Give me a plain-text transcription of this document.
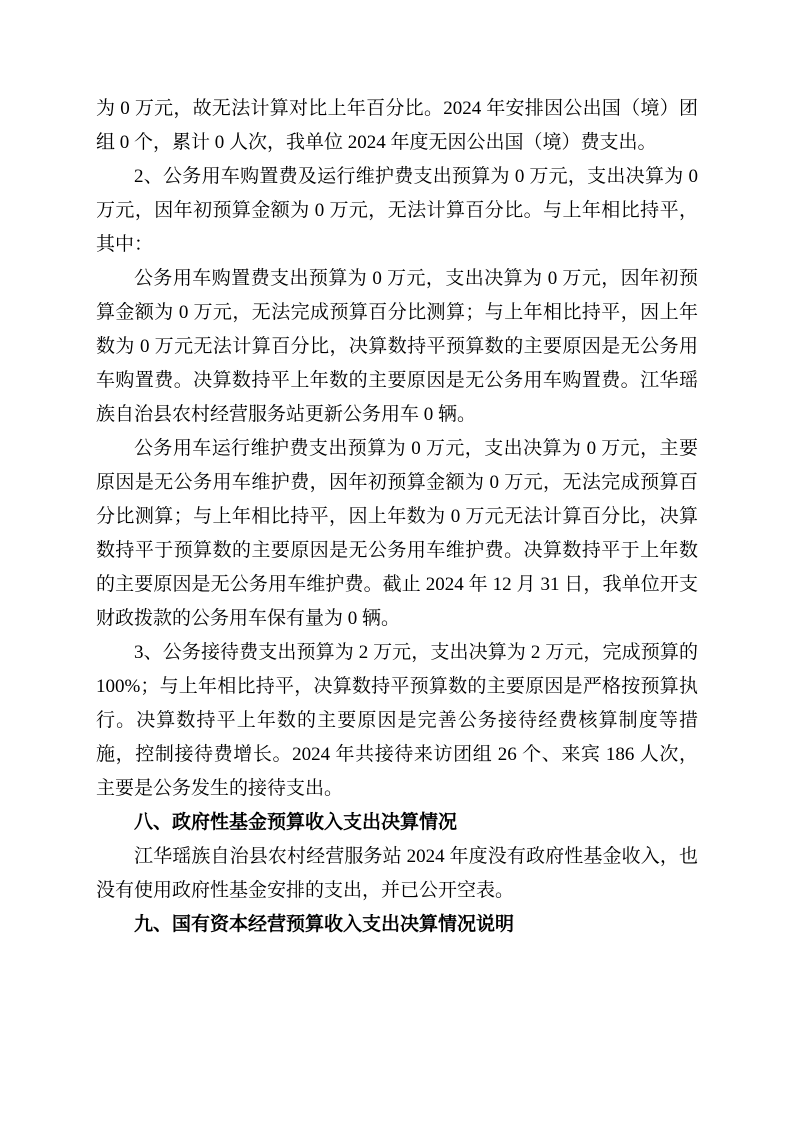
为 0 万元，故无法计算对比上年百分比。2024 年安排因公出国（境）团组 0 个，累计 0 人次，我单位 2024 年度无因公出国（境）费支出。

2、公务用车购置费及运行维护费支出预算为 0 万元，支出决算为 0 万元，因年初预算金额为 0 万元，无法计算百分比。与上年相比持平，其中：

公务用车购置费支出预算为 0 万元，支出决算为 0 万元，因年初预算金额为 0 万元，无法完成预算百分比测算；与上年相比持平，因上年数为 0 万元无法计算百分比，决算数持平预算数的主要原因是无公务用车购置费。决算数持平上年数的主要原因是无公务用车购置费。江华瑶族自治县农村经营服务站更新公务用车 0 辆。

公务用车运行维护费支出预算为 0 万元，支出决算为 0 万元，主要原因是无公务用车维护费，因年初预算金额为 0 万元，无法完成预算百分比测算；与上年相比持平，因上年数为 0 万元无法计算百分比，决算数持平于预算数的主要原因是无公务用车维护费。决算数持平于上年数的主要原因是无公务用车维护费。截止 2024 年 12 月 31 日，我单位开支财政拨款的公务用车保有量为 0 辆。

3、公务接待费支出预算为 2 万元，支出决算为 2 万元，完成预算的 100%；与上年相比持平，决算数持平预算数的主要原因是严格按预算执行。决算数持平上年数的主要原因是完善公务接待经费核算制度等措施，控制接待费增长。2024 年共接待来访团组 26 个、来宾 186 人次，主要是公务发生的接待支出。

八、政府性基金预算收入支出决算情况

江华瑶族自治县农村经营服务站 2024 年度没有政府性基金收入，也没有使用政府性基金安排的支出，并已公开空表。

九、国有资本经营预算收入支出决算情况说明
